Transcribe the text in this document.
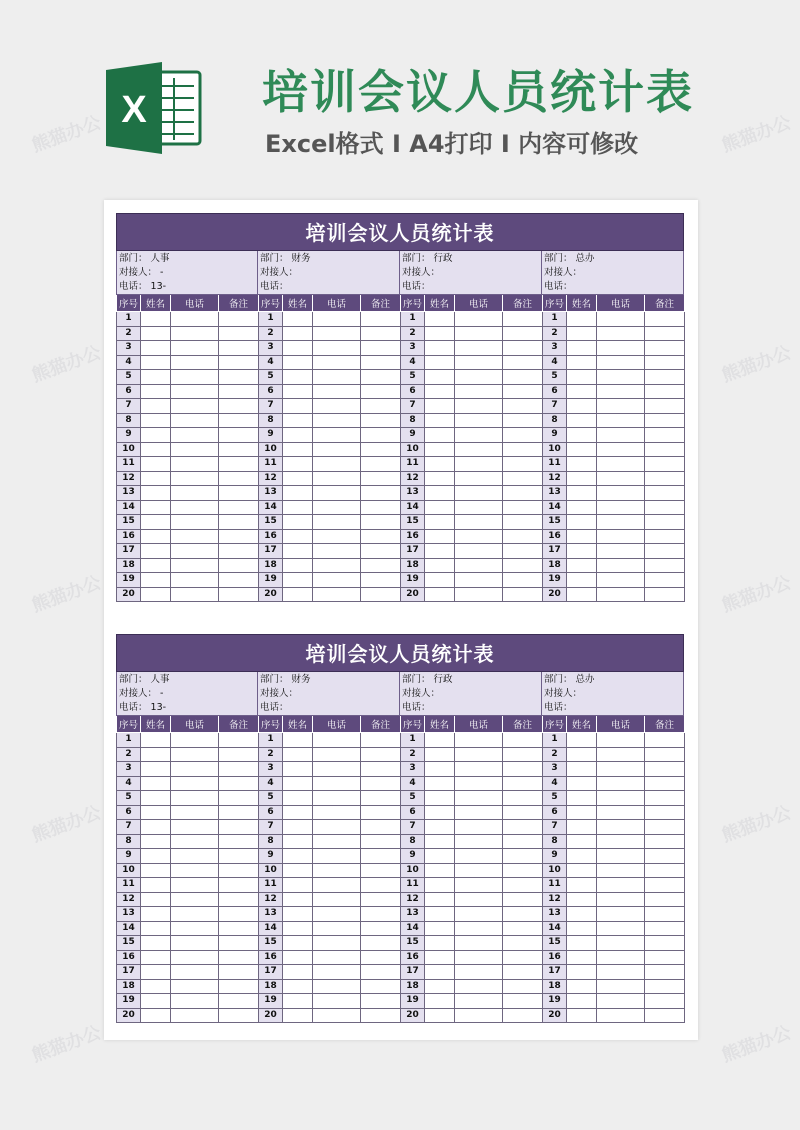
X	培训会议人员统计表
Excel格式 I A4打印 I 内容可修改
培训会议人员统计表
部门： 人事
对接人： -
电话： 13-
序号	姓名	电话	备注
1			
2			
3			
4			
5			
6			
7			
8			
9			
10			
11			
12			
13			
14			
15			
16			
17			
18			
19			
20			
部门： 财务
对接人：
电话：
序号	姓名	电话	备注
1			
2			
3			
4			
5			
6			
7			
8			
9			
10			
11			
12			
13			
14			
15			
16			
17			
18			
19			
20			
部门： 行政
对接人：
电话：
序号	姓名	电话	备注
1			
2			
3			
4			
5			
6			
7			
8			
9			
10			
11			
12			
13			
14			
15			
16			
17			
18			
19			
20			
部门： 总办
对接人：
电话：
序号	姓名	电话	备注
1			
2			
3			
4			
5			
6			
7			
8			
9			
10			
11			
12			
13			
14			
15			
16			
17			
18			
19			
20			
培训会议人员统计表
部门： 人事
对接人： -
电话： 13-
序号	姓名	电话	备注
1			
2			
3			
4			
5			
6			
7			
8			
9			
10			
11			
12			
13			
14			
15			
16			
17			
18			
19			
20			
部门： 财务
对接人：
电话：
序号	姓名	电话	备注
1			
2			
3			
4			
5			
6			
7			
8			
9			
10			
11			
12			
13			
14			
15			
16			
17			
18			
19			
20			
部门： 行政
对接人：
电话：
序号	姓名	电话	备注
1			
2			
3			
4			
5			
6			
7			
8			
9			
10			
11			
12			
13			
14			
15			
16			
17			
18			
19			
20			
部门： 总办
对接人：
电话：
序号	姓名	电话	备注
1			
2			
3			
4			
5			
6			
7			
8			
9			
10			
11			
12			
13			
14			
15			
16			
17			
18			
19			
20			
熊猫办公	熊猫办公
熊猫办公	熊猫办公
熊猫办公	熊猫办公
熊猫办公	熊猫办公
熊猫办公	熊猫办公
